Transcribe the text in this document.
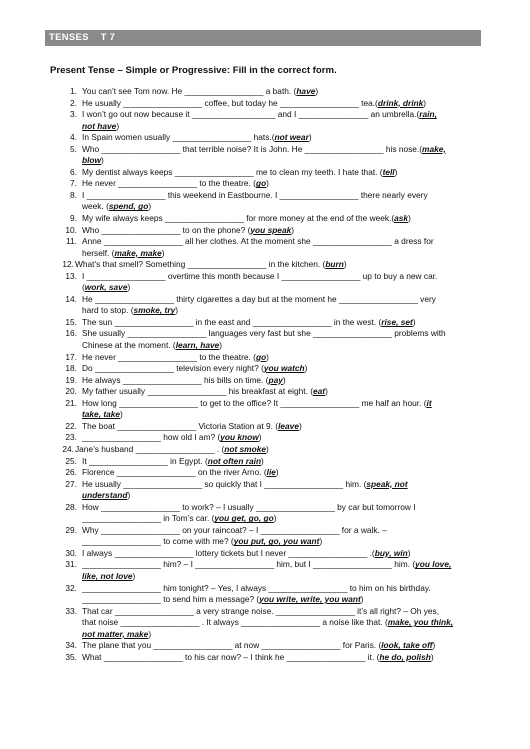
TENSES    T 7
Present Tense – Simple or Progressive: Fill in the correct form.
1. You can’t see Tom now. He _________________ a bath. (have)

2. He usually _________________ coffee, but today he _________________ tea.(drink, drink)

3. I won’t go out now because it __________________ and I _______________ an umbrella.(rain,

not have)

4. In Spain women usually _________________ hats.(not wear)

5. Who _________________ that terrible noise? It is John. He _________________ his nose.(make,

blow)

6. My dentist always keeps _________________ me to clean my teeth. I hate that. (tell)

7. He never _________________ to the theatre. (go)

8. I _________________ this weekend in Eastbourne. I _________________ there nearly every

week. (spend, go)

9. My wife always keeps _________________ for more money at the end of the week.(ask)

10. Who _________________ to on the phone? (you speak)

11. Anne _________________ all her clothes. At the moment she _________________ a dress for

herself. (make, make)

12. What’s that smell? Something _________________ in the kitchen. (burn)

13. I _________________ overtime this month because I _________________ up to buy a new car.

(work, save)

14. He _________________ thirty cigarettes a day but at the moment he _________________ very

hard to stop. (smoke, try)

15. The sun _________________ in the east and _________________ in the west. (rise, set)

16. She usually _________________ languages very fast but she _________________ problems with

Chinese at the moment. (learn, have)

17. He never _________________ to the theatre. (go)

18. Do _________________ television every night? (you watch)

19. He always _________________ his bills on time. (pay)

20. My father usually _________________ his breakfast at eight. (eat)

21. How long _________________ to get to the office? It _________________ me half an hour. (it

take, take)

22. The boat _________________ Victoria Station at 9. (leave)

23. _________________ how old I am? (you know)

24. Jane’s husband _________________ . (not smoke)

25. It _________________ in Egypt. (not often rain)

26. Florence _________________ on the river Arno. (lie)

27. He usually _________________ so quickly that I _________________ him. (speak, not

understand)

28. How _________________ to work? – I usually _________________ by car but tomorrow I

_________________ in Tom’s car. (you get, go, go)

29. Why _________________ on your raincoat? – I _________________ for a walk. –

_________________ to come with me? (you put, go, you want)

30. I always _________________ lottery tickets but I never _________________ .(buy, win)

31. _________________ him? – I _________________ him, but I _________________ him. (you love,

like, not love)

32. _________________ him tonight? – Yes, I always _________________ to him on his birthday.

_________________ to send him a message? (you write, write, you want)

33. That car _________________ a very strange noise. _________________ it’s all right? – Oh yes,

that noise _________________ . It always _________________ a noise like that. (make, you think,

not matter, make)

34. The plane that you _________________ at now _________________ for Paris. (look, take off)

35. What _________________ to his car now? – I think he _________________ it. (he do, polish)
